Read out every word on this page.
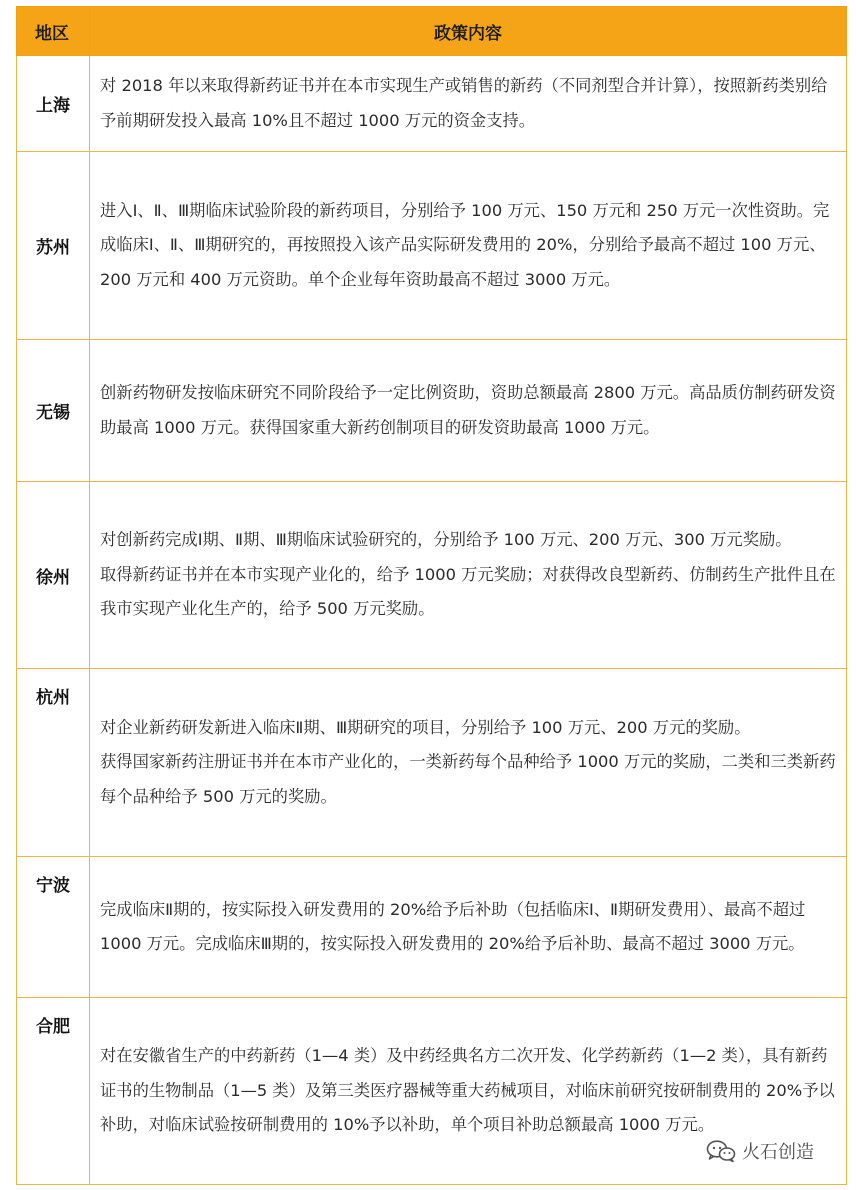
地区	政策内容
上海	对 2018 年以来取得新药证书并在本市实现生产或销售的新药（不同剂型合并计算），按照新药类别给予前期研发投入最高 10%且不超过 1000 万元的资金支持。

苏州	进入Ⅰ、Ⅱ、Ⅲ期临床试验阶段的新药项目，分别给予 100 万元、150 万元和 250 万元一次性资助。完成临床Ⅰ、Ⅱ、Ⅲ期研究的，再按照投入该产品实际研发费用的 20%，分别给予最高不超过 100 万元、200 万元和 400 万元资助。单个企业每年资助最高不超过 3000 万元。

无锡	创新药物研发按临床研究不同阶段给予一定比例资助，资助总额最高 2800 万元。高品质仿制药研发资助最高 1000 万元。获得国家重大新药创制项目的研发资助最高 1000 万元。

徐州	对创新药完成Ⅰ期、Ⅱ期、Ⅲ期临床试验研究的，分别给予 100 万元、200 万元、300 万元奖励。

取得新药证书并在本市实现产业化的，给予 1000 万元奖励；对获得改良型新药、仿制药生产批件且在我市实现产业化生产的，给予 500 万元奖励。

杭州	对企业新药研发新进入临床Ⅱ期、Ⅲ期研究的项目，分别给予 100 万元、200 万元的奖励。

获得国家新药注册证书并在本市产业化的，一类新药每个品种给予 1000 万元的奖励，二类和三类新药每个品种给予 500 万元的奖励。

宁波	完成临床Ⅱ期的，按实际投入研发费用的 20%给予后补助（包括临床Ⅰ、Ⅱ期研发费用）、最高不超过 1000 万元。完成临床Ⅲ期的，按实际投入研发费用的 20%给予后补助、最高不超过 3000 万元。

合肥	对在安徽省生产的中药新药（1—4 类）及中药经典名方二次开发、化学药新药（1—2 类），具有新药证书的生物制品（1—5 类）及第三类医疗器械等重大药械项目，对临床前研究按研制费用的 20%予以补助，对临床试验按研制费用的 10%予以补助，单个项目补助总额最高 1000 万元。

火石创造
